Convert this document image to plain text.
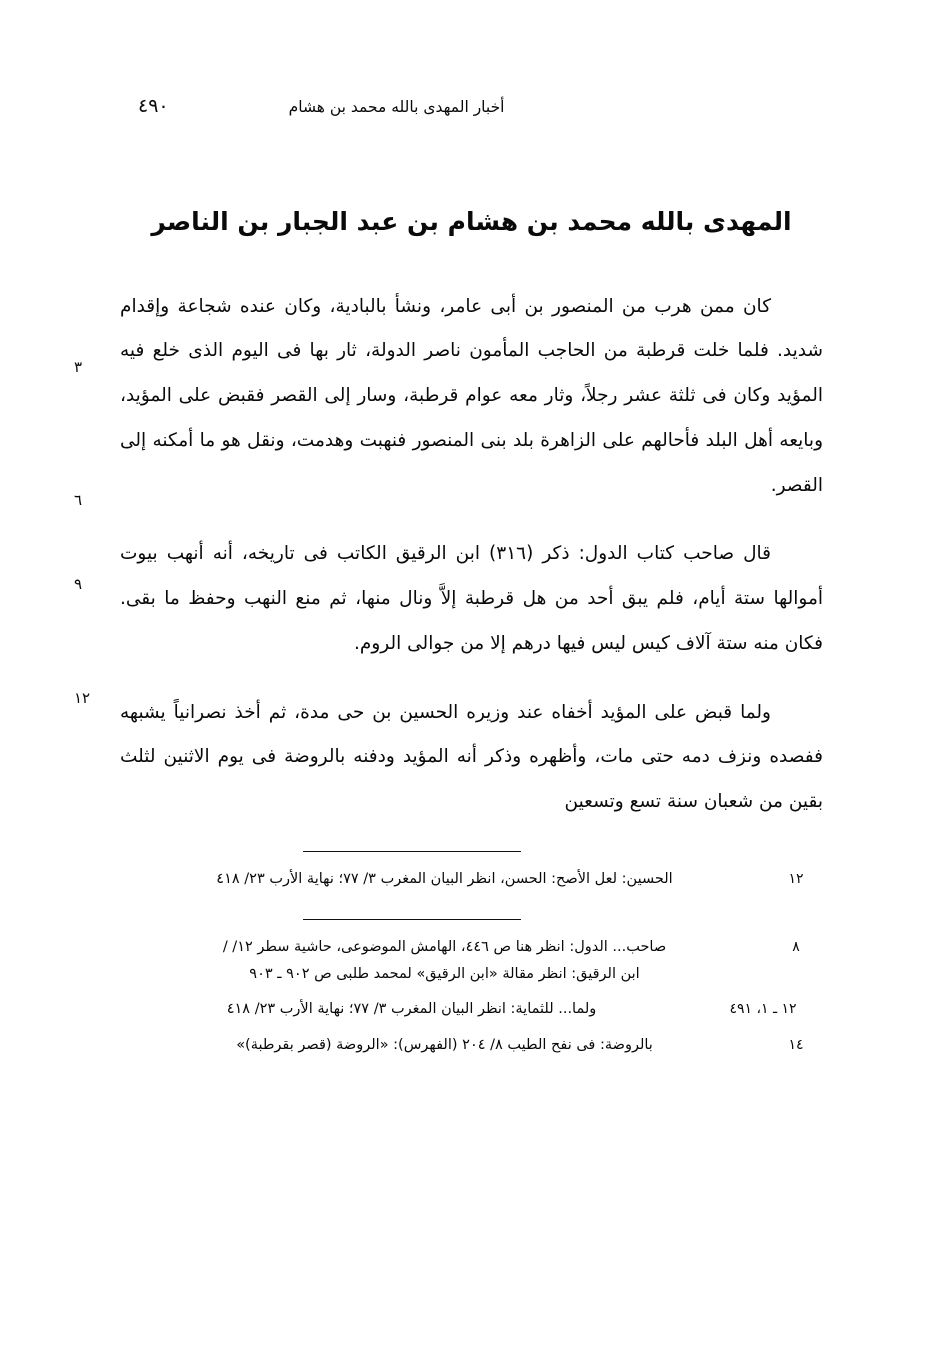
٤٩٠	أخبار المهدى بالله محمد بن هشام
المهدى بالله محمد بن هشام بن عبد الجبار بن الناصر

٣
٦
كان ممن هرب من المنصور بن أبى عامر، ونشأ بالبادية، وكان عنده شجاعة وإقدام شديد. فلما خلت قرطبة من الحاجب المأمون ناصر الدولة، ثار بها فى اليوم الذى خلع فيه المؤيد وكان فى ثلثة عشر رجلاً، وثار معه عوام قرطبة، وسار إلى القصر فقبض على المؤيد، وبايعه أهل البلد فأحالهم على الزاهرة بلد بنى المنصور فنهبت وهدمت، ونقل هو ما أمكنه إلى القصر.

٩
قال صاحب كتاب الدول: ذكر (٣١٦) ابن الرقيق الكاتب فى تاريخه، أنه أنهب بيوت أموالها ستة أيام، فلم يبق أحد من هل قرطبة إلاَّ ونال منها، ثم منع النهب وحفظ ما بقى. فكان منه ستة آلاف كيس ليس فيها درهم إلا من جوالى الروم.

١٢
ولما قبض على المؤيد أخفاه عند وزيره الحسين بن حى مدة، ثم أخذ نصرانياً يشبهه ففصده ونزف دمه حتى مات، وأظهره وذكر أنه المؤيد ودفنه بالروضة فى يوم الاثنين لثلث بقين من شعبان سنة تسع وتسعين

١٢
الحسين: لعل الأصح: الحسن، انظر البيان المغرب ٣/ ٧٧؛ نهاية الأرب ٢٣/ ٤١٨
٨
صاحب... الدول: انظر هنا ص ٤٤٦، الهامش الموضوعى، حاشية سطر ١٢/ /
ابن الرقيق: انظر مقالة «ابن الرقيق» لمحمد طلبى ص ٩٠٢ ـ ٩٠٣
١٢ ـ ١، ٤٩١
ولما... للثماية: انظر البيان المغرب ٣/ ٧٧؛ نهاية الأرب ٢٣/ ٤١٨
١٤
بالروضة: فى نفح الطيب ٨/ ٢٠٤ (الفهرس): «الروضة (قصر بقرطبة)»
